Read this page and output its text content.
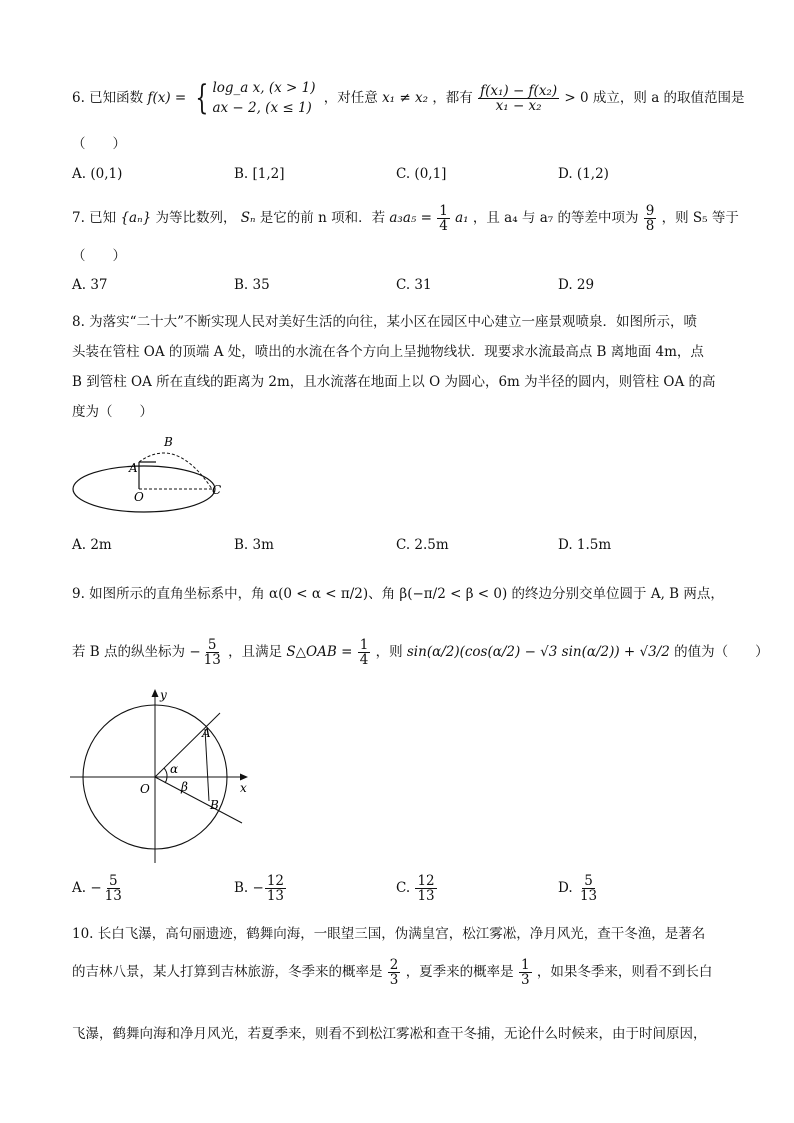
6. 已知函数 f(x) = { log_a x, (x > 1)
ax − 2, (x ≤ 1)
，对任意 x₁ ≠ x₂ ，都有 $\frac{\text{f(x₁) − f(x₂)}}{\text{x₁ − x₂}} > 0$ 成立，则 a 的取值范围是
（　　）
A. (0,1)	B. [1,2]	C. (0,1]	D. (1,2)
7. 已知 {aₙ} 为等比数列， Sₙ 是它的前 n 项和．若 $a_3a_5 = \frac{1}{4} a_1$ ，且 a₄ 与 a₇ 的等差中项为 $\frac{9}{8}$ ，则 S₅ 等于
（　　）
A. 37	B. 35	C. 31	D. 29
8. 为落实“二十大”不断实现人民对美好生活的向往，某小区在园区中心建立一座景观喷泉．如图所示，喷
头装在管柱 OA 的顶端 A 处，喷出的水流在各个方向上呈抛物线状．现要求水流最高点 B 离地面 4m，点
B 到管柱 OA 所在直线的距离为 2m，且水流落在地面上以 O 为圆心，6m 为半径的圆内，则管柱 OA 的高
度为（　　）
B
A
O	C
A. 2m	B. 3m	C. 2.5m	D. 1.5m
9. 如图所示的直角坐标系中，角 α(0 < α < π/2)、角 β(−π/2 < β < 0) 的终边分别交单位圆于 A, B 两点，
若 B 点的纵坐标为 − $\frac{5}{13}$ ，且满足 S△OAB = $\frac{1}{4}$ ，则 sin(α/2)(cos(α/2) − √3 sin(α/2)) + √3/2 的值为（　　）
y
x
O
A
B
α
β
A. − $\frac{5}{13}$	B. − $\frac{12}{13}$	C. $\frac{12}{13}$	D. $\frac{5}{13}$
10. 长白飞瀑，高句丽遗迹，鹤舞向海，一眼望三国，伪满皇宫，松江雾凇，净月风光，查干冬渔，是著名
的吉林八景，某人打算到吉林旅游，冬季来的概率是 $\frac{2}{3}$ ，夏季来的概率是 $\frac{1}{3}$ ，如果冬季来，则看不到长白
飞瀑，鹤舞向海和净月风光，若夏季来，则看不到松江雾凇和查干冬捕，无论什么时候来，由于时间原因，
